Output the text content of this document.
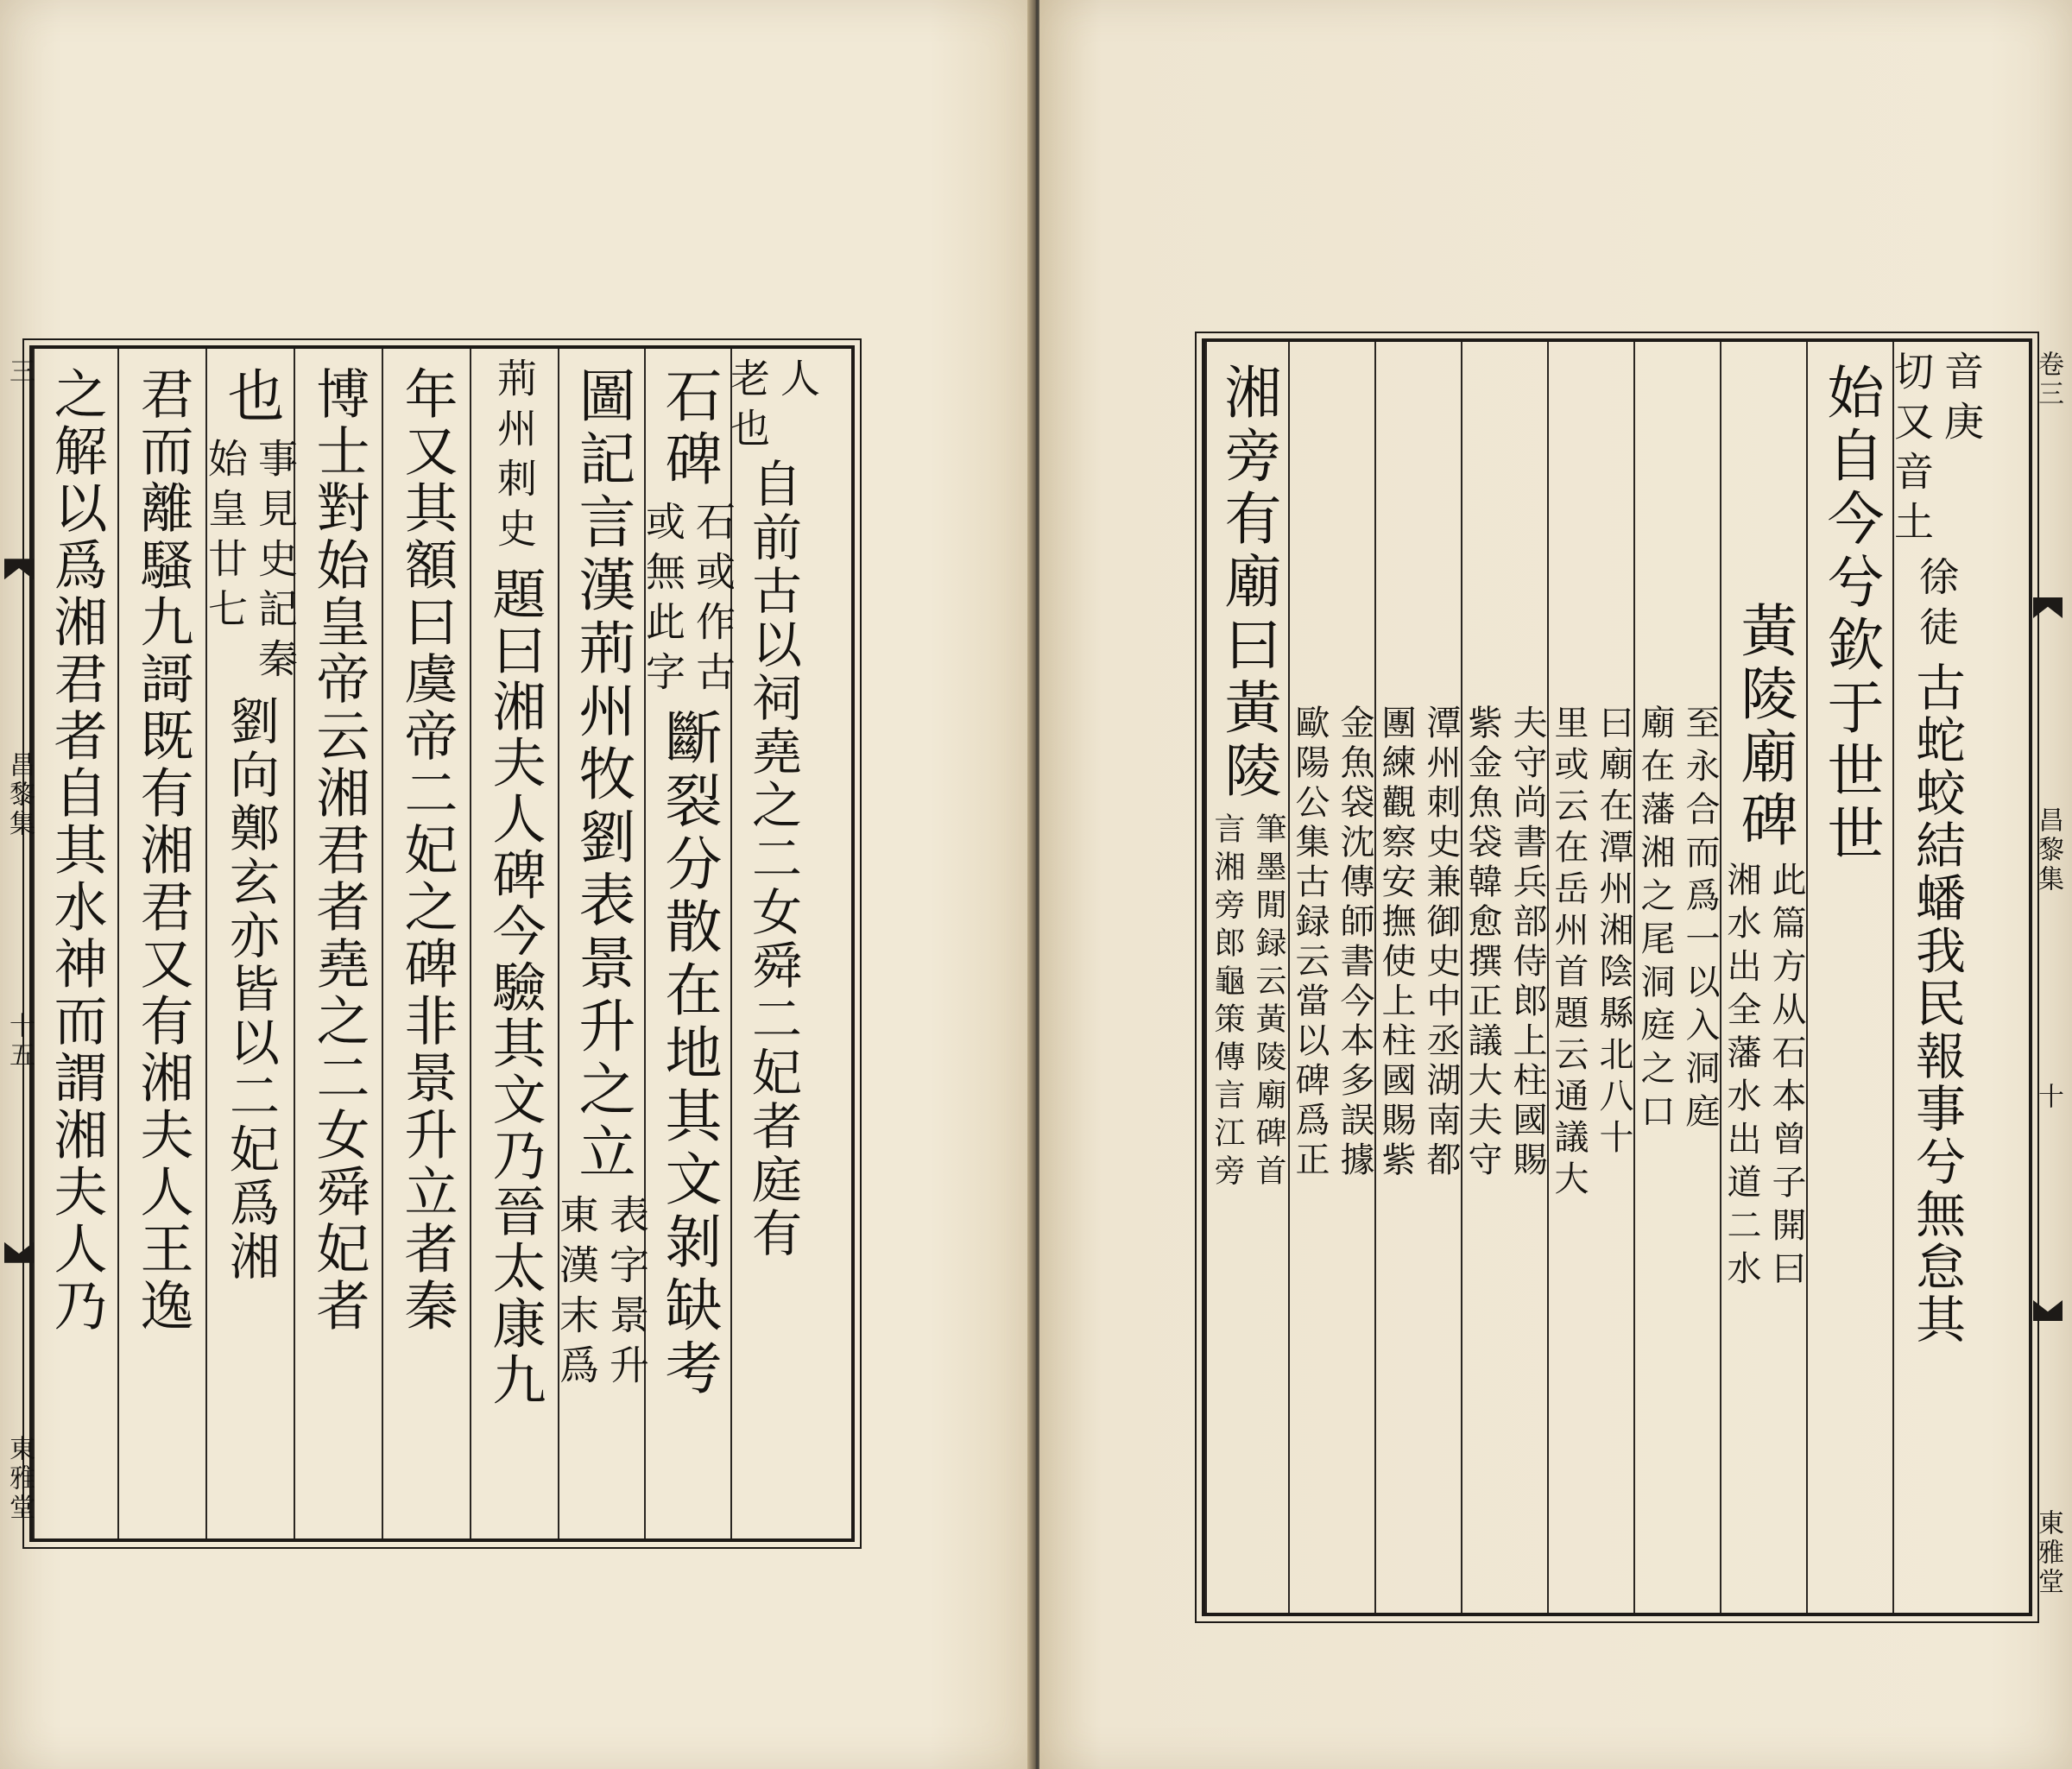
人
老也
自前古以祠堯之二女舜二妃者庭有
石碑
石或作古
或無此字
斷裂分散在地其文剝缺考
圖記言漢荊州牧劉表景升之立
表字景升
東漢末爲
荊州刺史
題曰湘夫人碑今驗其文乃晉太康九
年又其額曰虞帝二妃之碑非景升立者秦
博士對始皇帝云湘君者堯之二女舜妃者
也
事見史記秦
始皇廿七
劉向鄭玄亦皆以二妃爲湘
君而離騷九謌既有湘君又有湘夫人王逸
之解以爲湘君者自其水神而謂湘夫人乃
三
昌黎集
十五
東雅堂
音庚
切又音土
徐徒
古蛇蛟結蟠我民報事兮無怠其
始自今兮欽于世世
黃陵廟碑
此篇方从石本曾子開曰
湘水出全藩水出道二水
至永合而爲一以入洞庭
廟在藩湘之尾洞庭之口
曰廟在潭州湘陰縣北八十
里或云在岳州首題云通議大
夫守尚書兵部侍郎上柱國賜
紫金魚袋韓愈撰正議大夫守
潭州刺史兼御史中丞湖南都
團練觀察安撫使上柱國賜紫
金魚袋沈傳師書今本多誤據
歐陽公集古録云當以碑爲正
湘旁有廟曰黃陵
筆墨閒録云黃陵廟碑首
言湘旁郎龜策傳言江旁
卷三
昌黎集
十
東雅堂
